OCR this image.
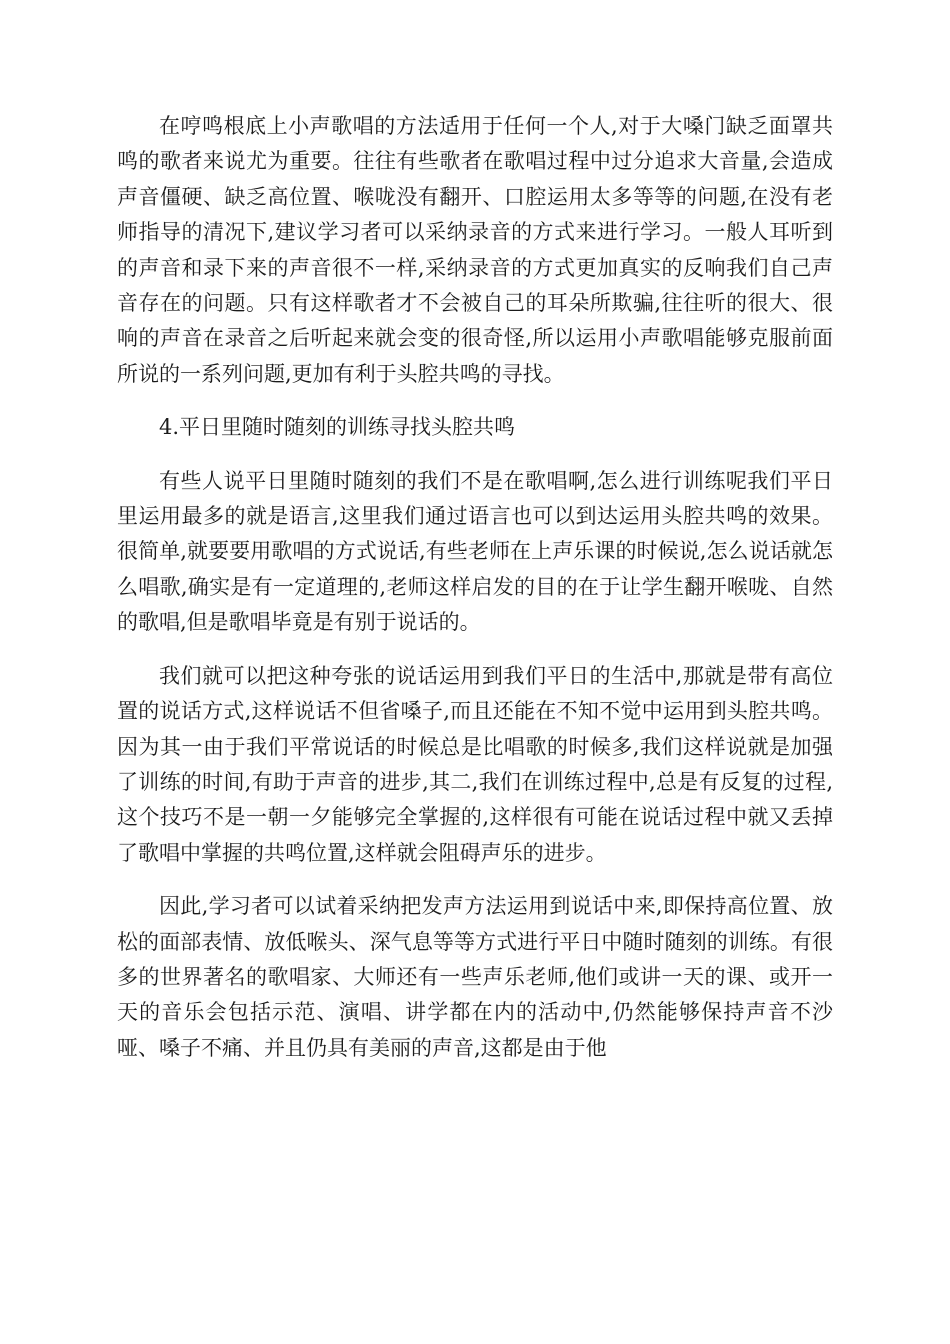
在哼鸣根底上小声歌唱的方法适用于任何一个人,对于大嗓门缺乏面罩共鸣的歌者来说尤为重要。往往有些歌者在歌唱过程中过分追求大音量,会造成声音僵硬、缺乏高位置、喉咙没有翻开、口腔运用太多等等的问题,在没有老师指导的清况下,建议学习者可以采纳录音的方式来进行学习。一般人耳听到的声音和录下来的声音很不一样,采纳录音的方式更加真实的反响我们自己声音存在的问题。只有这样歌者才不会被自己的耳朵所欺骗,往往听的很大、很响的声音在录音之后听起来就会变的很奇怪,所以运用小声歌唱能够克服前面所说的一系列问题,更加有利于头腔共鸣的寻找。

4.平日里随时随刻的训练寻找头腔共鸣

有些人说平日里随时随刻的我们不是在歌唱啊,怎么进行训练呢我们平日里运用最多的就是语言,这里我们通过语言也可以到达运用头腔共鸣的效果。很简单,就要要用歌唱的方式说话,有些老师在上声乐课的时候说,怎么说话就怎么唱歌,确实是有一定道理的,老师这样启发的目的在于让学生翻开喉咙、自然的歌唱,但是歌唱毕竟是有别于说话的。

我们就可以把这种夸张的说话运用到我们平日的生活中,那就是带有高位置的说话方式,这样说话不但省嗓子,而且还能在不知不觉中运用到头腔共鸣。因为其一由于我们平常说话的时候总是比唱歌的时候多,我们这样说就是加强了训练的时间,有助于声音的进步,其二,我们在训练过程中,总是有反复的过程,这个技巧不是一朝一夕能够完全掌握的,这样很有可能在说话过程中就又丢掉了歌唱中掌握的共鸣位置,这样就会阻碍声乐的进步。

因此,学习者可以试着采纳把发声方法运用到说话中来,即保持高位置、放松的面部表情、放低喉头、深气息等等方式进行平日中随时随刻的训练。有很多的世界著名的歌唱家、大师还有一些声乐老师,他们或讲一天的课、或开一天的音乐会包括示范、演唱、讲学都在内的活动中,仍然能够保持声音不沙哑、嗓子不痛、并且仍具有美丽的声音,这都是由于他
